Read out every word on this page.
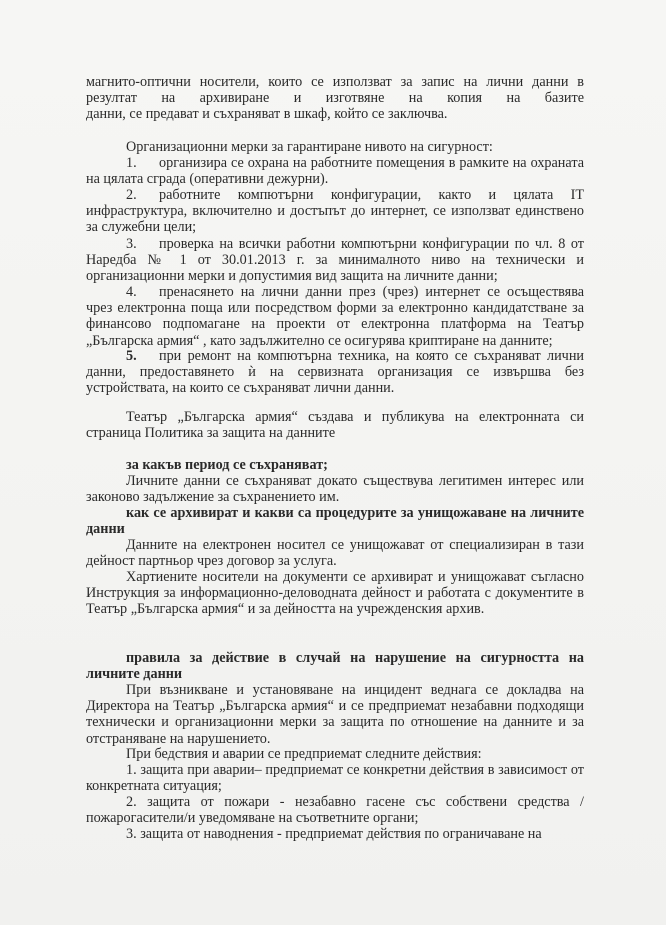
магнито-оптични носители, които се използват за запис на лични данни в
резултат на архивиране и изготвяне на копия на базите
данни, се предават и съхраняват в шкаф, който се заключва.
Организационни мерки за гарантиране нивото на сигурност:
1. организира се охрана на работните помещения в рамките на охраната на цялата сграда (оперативни дежурни).
2. работните компютърни конфигурации, както и цялата IT инфраструктура, включително и достъпът до интернет, се използват единствено за служебни цели;
3. проверка на всички работни компютърни конфигурации по чл. 8 от Наредба № 1 от 30.01.2013 г. за минималното ниво на технически и организационни мерки и допустимия вид защита на личните данни;
4. пренасянето на лични данни през (чрез) интернет се осъществява чрез електронна поща или посредством форми за електронно кандидатстване за финансово подпомагане на проекти от електронна платформа на Театър „Българска армия“ , като задължително се осигурява криптиране на данните;
5. при ремонт на компютърна техника, на която се съхраняват лични данни, предоставянето ѝ на сервизната организация се извършва без устройствата, на които се съхраняват лични данни.
Театър „Българска армия“ създава и публикува на електронната си страница Политика за защита на данните
за какъв период се съхраняват;
Личните данни се съхраняват докато съществува легитимен интерес или законово задължение за съхранението им.
как се архивират и какви са процедурите за унищожаване на личните данни
Данните на електронен носител се унищожават от специализиран в тази дейност партньор чрез договор за услуга.
Хартиените носители на документи се архивират и унищожават съгласно Инструкция за информационно-деловодната дейност и работата с документите в Театър „Българска армия“ и за дейността на учрежденския архив.
правила за действие в случай на нарушение на сигурността на личните данни
При възникване и установяване на инцидент веднага се докладва на Директора на Театър „Българска армия“ и се предприемат незабавни подходящи технически и организационни мерки за защита по отношение на данните и за отстраняване на нарушението.
При бедствия и аварии се предприемат следните действия:
1. защита при аварии– предприемат се конкретни действия в зависимост от конкретната ситуация;
2. защита от пожари - незабавно гасене със собствени средства /пожарогасители/и уведомяване на съответните органи;
3. защита от наводнения - предприемат действия по ограничаване на
